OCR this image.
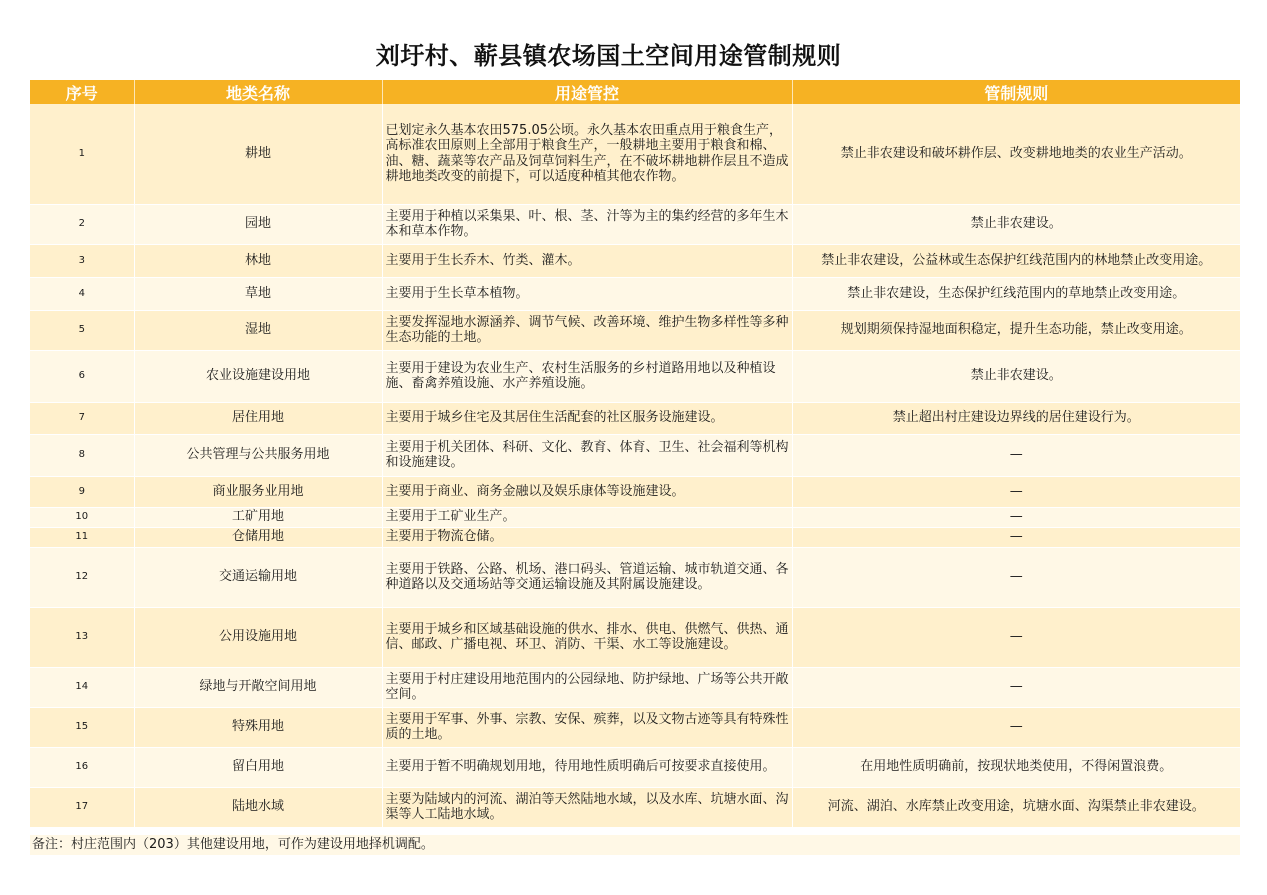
刘圩村、蕲县镇农场国土空间用途管制规则
序号	地类名称	用途管控	管制规则
1	耕地	已划定永久基本农田575.05公顷。永久基本农田重点用于粮食生产，高标准农田原则上全部用于粮食生产，一般耕地主要用于粮食和棉、油、糖、蔬菜等农产品及饲草饲料生产，在不破坏耕地耕作层且不造成耕地地类改变的前提下，可以适度种植其他农作物。	禁止非农建设和破坏耕作层、改变耕地地类的农业生产活动。
2	园地	主要用于种植以采集果、叶、根、茎、汁等为主的集约经营的多年生木本和草本作物。	禁止非农建设。
3	林地	主要用于生长乔木、竹类、灌木。	禁止非农建设，公益林或生态保护红线范围内的林地禁止改变用途。
4	草地	主要用于生长草本植物。	禁止非农建设，生态保护红线范围内的草地禁止改变用途。
5	湿地	主要发挥湿地水源涵养、调节气候、改善环境、维护生物多样性等多种生态功能的土地。	规划期须保持湿地面积稳定，提升生态功能，禁止改变用途。
6	农业设施建设用地	主要用于建设为农业生产、农村生活服务的乡村道路用地以及种植设施、畜禽养殖设施、水产养殖设施。	禁止非农建设。
7	居住用地	主要用于城乡住宅及其居住生活配套的社区服务设施建设。	禁止超出村庄建设边界线的居住建设行为。
8	公共管理与公共服务用地	主要用于机关团体、科研、文化、教育、体育、卫生、社会福利等机构和设施建设。	—
9	商业服务业用地	主要用于商业、商务金融以及娱乐康体等设施建设。	—
10	工矿用地	主要用于工矿业生产。	—
11	仓储用地	主要用于物流仓储。	—
12	交通运输用地	主要用于铁路、公路、机场、港口码头、管道运输、城市轨道交通、各种道路以及交通场站等交通运输设施及其附属设施建设。	—
13	公用设施用地	主要用于城乡和区域基础设施的供水、排水、供电、供燃气、供热、通信、邮政、广播电视、环卫、消防、干渠、水工等设施建设。	—
14	绿地与开敞空间用地	主要用于村庄建设用地范围内的公园绿地、防护绿地、广场等公共开敞空间。	—
15	特殊用地	主要用于军事、外事、宗教、安保、殡葬，以及文物古迹等具有特殊性质的土地。	—
16	留白用地	主要用于暂不明确规划用地，待用地性质明确后可按要求直接使用。	在用地性质明确前，按现状地类使用，不得闲置浪费。
17	陆地水域	主要为陆域内的河流、湖泊等天然陆地水域，以及水库、坑塘水面、沟渠等人工陆地水域。	河流、湖泊、水库禁止改变用途，坑塘水面、沟渠禁止非农建设。
备注：村庄范围内（203）其他建设用地，可作为建设用地择机调配。
